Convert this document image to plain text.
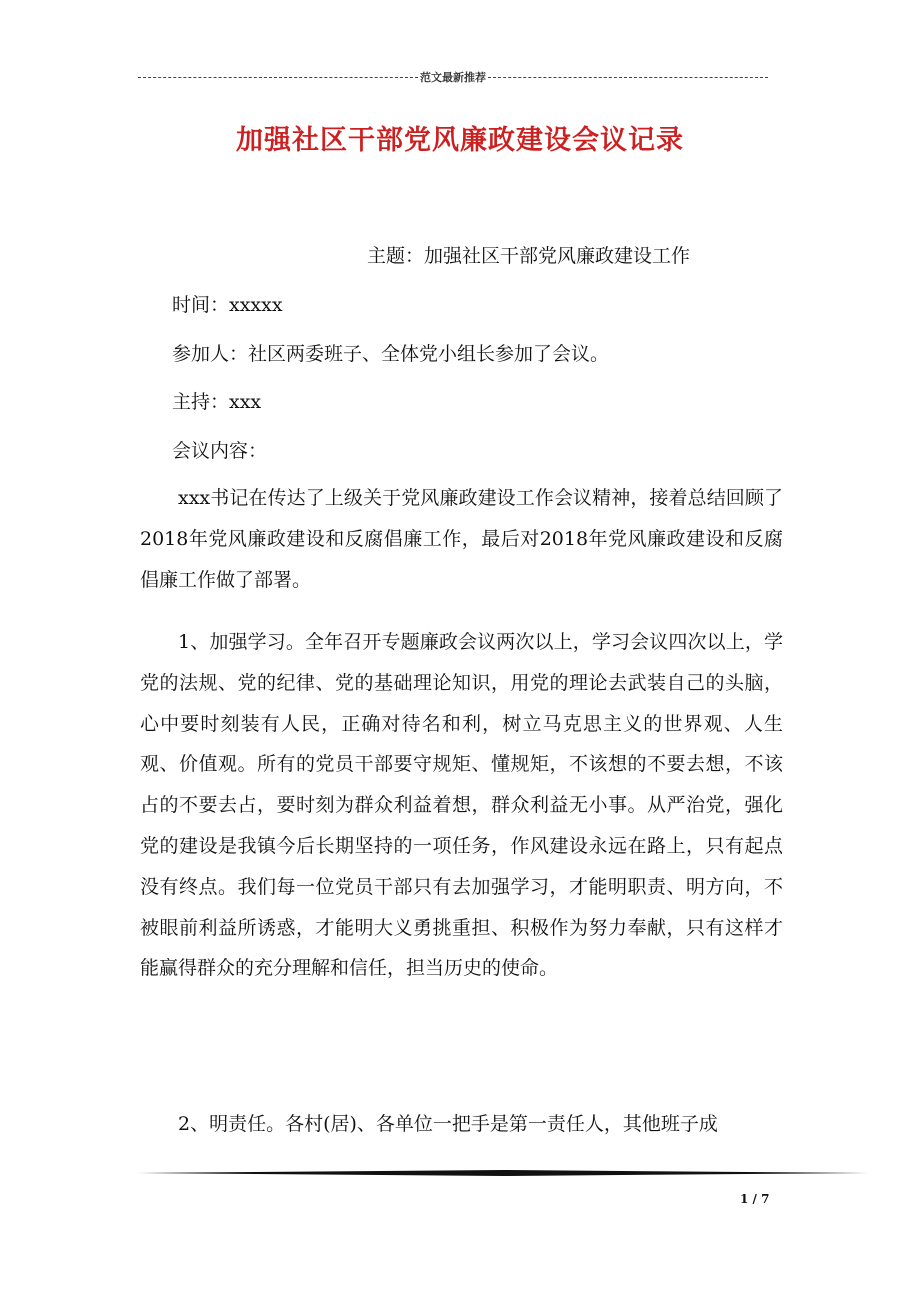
范文最新推荐
加强社区干部党风廉政建设会议记录
主题：加强社区干部党风廉政建设工作
时间：xxxxx
参加人：社区两委班子、全体党小组长参加了会议。
主持：xxx
会议内容：
xxx书记在传达了上级关于党风廉政建设工作会议精神，接着总结回顾了2018年党风廉政建设和反腐倡廉工作，最后对2018年党风廉政建设和反腐倡廉工作做了部署。
1、加强学习。全年召开专题廉政会议两次以上，学习会议四次以上，学党的法规、党的纪律、党的基础理论知识，用党的理论去武装自己的头脑，心中要时刻装有人民，正确对待名和利，树立马克思主义的世界观、人生观、价值观。所有的党员干部要守规矩、懂规矩，不该想的不要去想，不该占的不要去占，要时刻为群众利益着想，群众利益无小事。从严治党，强化党的建设是我镇今后长期坚持的一项任务，作风建设永远在路上，只有起点没有终点。我们每一位党员干部只有去加强学习，才能明职责、明方向，不被眼前利益所诱惑，才能明大义勇挑重担、积极作为努力奉献，只有这样才能赢得群众的充分理解和信任，担当历史的使命。
2、明责任。各村(居)、各单位一把手是第一责任人，其他班子成
1 / 7
